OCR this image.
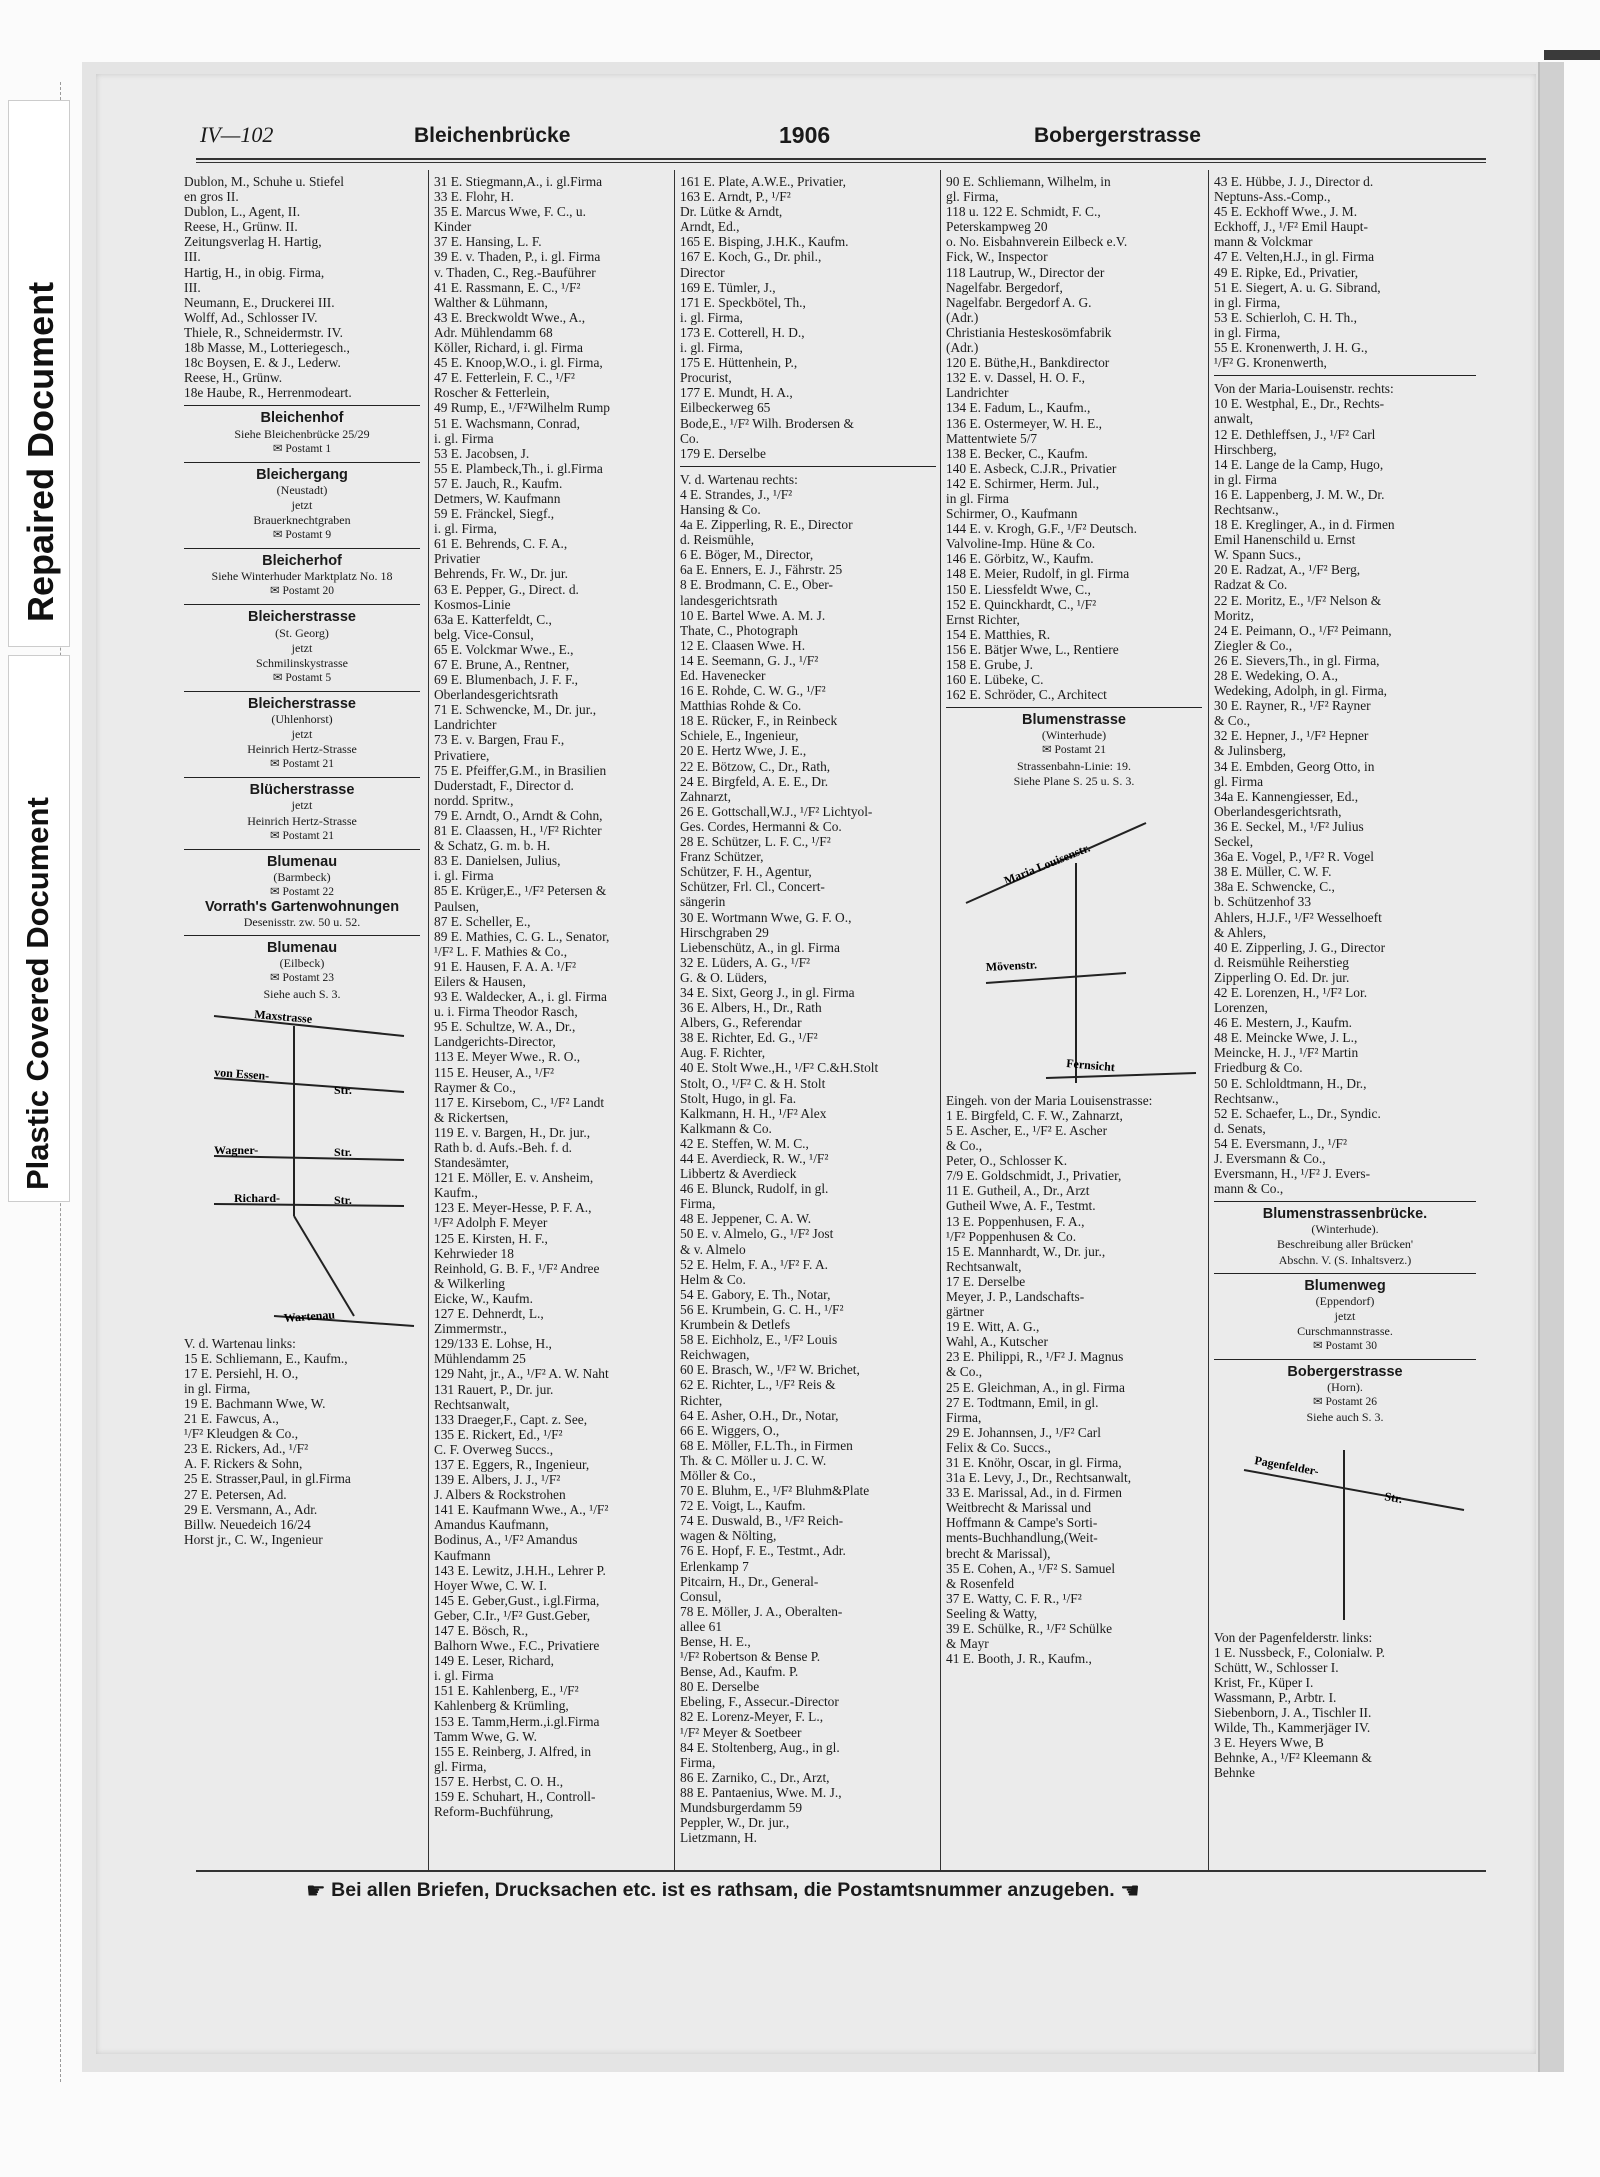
Repaired Document
Plastic Covered Document
IV—102	Bleichenbrücke	1906	Bobergerstrasse
Dublon, M., Schuhe u. Stiefel
en gros II.
Dublon, L., Agent, II.
Reese, H., Grünw. II.
Zeitungsverlag H. Hartig,
III.
Hartig, H., in obig. Firma,
III.
Neumann, E., Druckerei III.
Wolff, Ad., Schlosser IV.
Thiele, R., Schneidermstr. IV.
18b Masse, M., Lotteriegesch.,
18c Boysen, E. & J., Lederw.
Reese, H., Grünw.
18e Haube, R., Herrenmodeart.
Bleichenhof
Siehe Bleichenbrücke 25/29
✉ Postamt 1
Bleichergang
(Neustadt)
jetzt
Brauerknechtgraben
✉ Postamt 9
Bleicherhof
Siehe Winterhuder Marktplatz No. 18
✉ Postamt 20
Bleicherstrasse
(St. Georg)
jetzt
Schmilinskystrasse
✉ Postamt 5
Bleicherstrasse
(Uhlenhorst)
jetzt
Heinrich Hertz-Strasse
✉ Postamt 21
Blücherstrasse
jetzt
Heinrich Hertz-Strasse
✉ Postamt 21
Blumenau
(Barmbeck)
✉ Postamt 22
Vorrath's Gartenwohnungen
Desenisstr. zw. 50 u. 52.
Blumenau
(Eilbeck)
✉ Postamt 23
Siehe auch S. 3.
Maxstrasse
von Essen-
Str.
Wagner-	Str.
Richard-	Str.
Wartenau
V. d. Wartenau links:
15 E. Schliemann, E., Kaufm.,
17 E. Persiehl, H. O.,
in gl. Firma,
19 E. Bachmann Wwe, W.
21 E. Fawcus, A.,
¹/F² Kleudgen & Co.,
23 E. Rickers, Ad., ¹/F²
A. F. Rickers & Sohn,
25 E. Strasser,Paul, in gl.Firma
27 E. Petersen, Ad.
29 E. Versmann, A., Adr.
Billw. Neuedeich 16/24
Horst jr., C. W., Ingenieur
31 E. Stiegmann,A., i. gl.Firma
33 E. Flohr, H.
35 E. Marcus Wwe, F. C., u.
Kinder
37 E. Hansing, L. F.
39 E. v. Thaden, P., i. gl. Firma
v. Thaden, C., Reg.-Bauführer
41 E. Rassmann, E. C., ¹/F²
Walther & Lühmann,
43 E. Breckwoldt Wwe., A.,
Adr. Mühlendamm 68
Köller, Richard, i. gl. Firma
45 E. Knoop,W.O., i. gl. Firma,
47 E. Fetterlein, F. C., ¹/F²
Roscher & Fetterlein,
49 Rump, E., ¹/F²Wilhelm Rump
51 E. Wachsmann, Conrad,
i. gl. Firma
53 E. Jacobsen, J.
55 E. Plambeck,Th., i. gl.Firma
57 E. Jauch, R., Kaufm.
Detmers, W. Kaufmann
59 E. Fränckel, Siegf.,
i. gl. Firma,
61 E. Behrends, C. F. A.,
Privatier
Behrends, Fr. W., Dr. jur.
63 E. Pepper, G., Direct. d.
Kosmos-Linie
63a E. Katterfeldt, C.,
belg. Vice-Consul,
65 E. Volckmar Wwe., E.,
67 E. Brune, A., Rentner,
69 E. Blumenbach, J. F. F.,
Oberlandesgerichtsrath
71 E. Schwencke, M., Dr. jur.,
Landrichter
73 E. v. Bargen, Frau F.,
Privatiere,
75 E. Pfeiffer,G.M., in Brasilien
Duderstadt, F., Director d.
nordd. Spritw.,
79 E. Arndt, O., Arndt & Cohn,
81 E. Claassen, H., ¹/F² Richter
& Schatz, G. m. b. H.
83 E. Danielsen, Julius,
i. gl. Firma
85 E. Krüger,E., ¹/F² Petersen &
Paulsen,
87 E. Scheller, E.,
89 E. Mathies, C. G. L., Senator,
¹/F² L. F. Mathies & Co.,
91 E. Hausen, F. A. A. ¹/F²
Eilers & Hausen,
93 E. Waldecker, A., i. gl. Firma
u. i. Firma Theodor Rasch,
95 E. Schultze, W. A., Dr.,
Landgerichts-Director,
113 E. Meyer Wwe., R. O.,
115 E. Heuser, A., ¹/F²
Raymer & Co.,
117 E. Kirsebom, C., ¹/F² Landt
& Rickertsen,
119 E. v. Bargen, H., Dr. jur.,
Rath b. d. Aufs.-Beh. f. d.
Standesämter,
121 E. Möller, E. v. Ansheim,
Kaufm.,
123 E. Meyer-Hesse, P. F. A.,
¹/F² Adolph F. Meyer
125 E. Kirsten, H. F.,
Kehrwieder 18
Reinhold, G. B. F., ¹/F² Andree
& Wilkerling
Eicke, W., Kaufm.
127 E. Dehnerdt, L.,
Zimmermstr.,
129/133 E. Lohse, H.,
Mühlendamm 25
129 Naht, jr., A., ¹/F² A. W. Naht
131 Rauert, P., Dr. jur.
Rechtsanwalt,
133 Draeger,F., Capt. z. See,
135 E. Rickert, Ed., ¹/F²
C. F. Overweg Succs.,
137 E. Eggers, R., Ingenieur,
139 E. Albers, J. J., ¹/F²
J. Albers & Rockstrohen
141 E. Kaufmann Wwe., A., ¹/F²
Amandus Kaufmann,
Bodinus, A., ¹/F² Amandus
Kaufmann
143 E. Lewitz, J.H.H., Lehrer P.
Hoyer Wwe, C. W. I.
145 E. Geber,Gust., i.gl.Firma,
Geber, C.Ir., ¹/F² Gust.Geber,
147 E. Bösch, R.,
Balhorn Wwe., F.C., Privatiere
149 E. Leser, Richard,
i. gl. Firma
151 E. Kahlenberg, E., ¹/F²
Kahlenberg & Krümling,
153 E. Tamm,Herm.,i.gl.Firma
Tamm Wwe, G. W.
155 E. Reinberg, J. Alfred, in
gl. Firma,
157 E. Herbst, C. O. H.,
159 E. Schuhart, H., Controll-
Reform-Buchführung,
161 E. Plate, A.W.E., Privatier,
163 E. Arndt, P., ¹/F²
Dr. Lütke & Arndt,
Arndt, Ed.,
165 E. Bisping, J.H.K., Kaufm.
167 E. Koch, G., Dr. phil.,
Director
169 E. Tümler, J.,
171 E. Speckbötel, Th.,
i. gl. Firma,
173 E. Cotterell, H. D.,
i. gl. Firma,
175 E. Hüttenhein, P.,
Procurist,
177 E. Mundt, H. A.,
Eilbeckerweg 65
Bode,E., ¹/F² Wilh. Brodersen &
Co.
179 E. Derselbe
V. d. Wartenau rechts:
4 E. Strandes, J., ¹/F²
Hansing & Co.
4a E. Zipperling, R. E., Director
d. Reismühle,
6 E. Böger, M., Director,
6a E. Enners, E. J., Fährstr. 25
8 E. Brodmann, C. E., Ober-
landesgerichtsrath
10 E. Bartel Wwe. A. M. J.
Thate, C., Photograph
12 E. Claasen Wwe. H.
14 E. Seemann, G. J., ¹/F²
Ed. Havenecker
16 E. Rohde, C. W. G., ¹/F²
Matthias Rohde & Co.
18 E. Rücker, F., in Reinbeck
Schiele, E., Ingenieur,
20 E. Hertz Wwe, J. E.,
22 E. Bötzow, C., Dr., Rath,
24 E. Birgfeld, A. E. E., Dr.
Zahnarzt,
26 E. Gottschall,W.J., ¹/F² Lichtyol-
Ges. Cordes, Hermanni & Co.
28 E. Schützer, L. F. C., ¹/F²
Franz Schützer,
Schützer, F. H., Agentur,
Schützer, Frl. Cl., Concert-
sängerin
30 E. Wortmann Wwe, G. F. O.,
Hirschgraben 29
Liebenschütz, A., in gl. Firma
32 E. Lüders, A. G., ¹/F²
G. & O. Lüders,
34 E. Sixt, Georg J., in gl. Firma
36 E. Albers, H., Dr., Rath
Albers, G., Referendar
38 E. Richter, Ed. G., ¹/F²
Aug. F. Richter,
40 E. Stolt Wwe.,H., ¹/F² C.&H.Stolt
Stolt, O., ¹/F² C. & H. Stolt
Stolt, Hugo, in gl. Fa.
Kalkmann, H. H., ¹/F² Alex
Kalkmann & Co.
42 E. Steffen, W. M. C.,
44 E. Averdieck, R. W., ¹/F²
Libbertz & Averdieck
46 E. Blunck, Rudolf, in gl.
Firma,
48 E. Jeppener, C. A. W.
50 E. v. Almelo, G., ¹/F² Jost
& v. Almelo
52 E. Helm, F. A., ¹/F² F. A.
Helm & Co.
54 E. Gabory, E. Th., Notar,
56 E. Krumbein, G. C. H., ¹/F²
Krumbein & Detlefs
58 E. Eichholz, E., ¹/F² Louis
Reichwagen,
60 E. Brasch, W., ¹/F² W. Brichet,
62 E. Richter, L., ¹/F² Reis &
Richter,
64 E. Asher, O.H., Dr., Notar,
66 E. Wiggers, O.,
68 E. Möller, F.L.Th., in Firmen
Th. & C. Möller u. J. C. W.
Möller & Co.,
70 E. Bluhm, E., ¹/F² Bluhm&Plate
72 E. Voigt, L., Kaufm.
74 E. Duswald, B., ¹/F² Reich-
wagen & Nölting,
76 E. Hopf, F. E., Testmt., Adr.
Erlenkamp 7
Pitcairn, H., Dr., General-
Consul,
78 E. Möller, J. A., Oberalten-
allee 61
Bense, H. E.,
¹/F² Robertson & Bense P.
Bense, Ad., Kaufm. P.
80 E. Derselbe
Ebeling, F., Assecur.-Director
82 E. Lorenz-Meyer, F. L.,
¹/F² Meyer & Soetbeer
84 E. Stoltenberg, Aug., in gl.
Firma,
86 E. Zarniko, C., Dr., Arzt,
88 E. Pantaenius, Wwe. M. J.,
Mundsburgerdamm 59
Peppler, W., Dr. jur.,
Lietzmann, H.
90 E. Schliemann, Wilhelm, in
gl. Firma,
118 u. 122 E. Schmidt, F. C.,
Peterskampweg 20
o. No. Eisbahnverein Eilbeck e.V.
Fick, W., Inspector
118 Lautrup, W., Director der
Nagelfabr. Bergedorf,
Nagelfabr. Bergedorf A. G.
(Adr.)
Christiania Hesteskosömfabrik
(Adr.)
120 E. Büthe,H., Bankdirector
132 E. v. Dassel, H. O. F.,
Landrichter
134 E. Fadum, L., Kaufm.,
136 E. Ostermeyer, W. H. E.,
Mattentwiete 5/7
138 E. Becker, C., Kaufm.
140 E. Asbeck, C.J.R., Privatier
142 E. Schirmer, Herm. Jul.,
in gl. Firma
Schirmer, O., Kaufmann
144 E. v. Krogh, G.F., ¹/F² Deutsch.
Valvoline-Imp. Hüne & Co.
146 E. Görbitz, W., Kaufm.
148 E. Meier, Rudolf, in gl. Firma
150 E. Liessfeldt Wwe, C.,
152 E. Quinckhardt, C., ¹/F²
Ernst Richter,
154 E. Matthies, R.
156 E. Bätjer Wwe, L., Rentiere
158 E. Grube, J.
160 E. Lübeke, C.
162 E. Schröder, C., Architect
Blumenstrasse
(Winterhude)
✉ Postamt 21
Strassenbahn-Linie: 19.
Siehe Plane S. 25 u. S. 3.
Maria Louisenstr.
Mövenstr.
Fernsicht
Eingeh. von der Maria Louisenstrasse:
1 E. Birgfeld, C. F. W., Zahnarzt,
5 E. Ascher, E., ¹/F² E. Ascher
& Co.,
Peter, O., Schlosser K.
7/9 E. Goldschmidt, J., Privatier,
11 E. Gutheil, A., Dr., Arzt
Gutheil Wwe, A. F., Testmt.
13 E. Poppenhusen, F. A.,
¹/F² Poppenhusen & Co.
15 E. Mannhardt, W., Dr. jur.,
Rechtsanwalt,
17 E. Derselbe
Meyer, J. P., Landschafts-
gärtner
19 E. Witt, A. G.,
Wahl, A., Kutscher
23 E. Philippi, R., ¹/F² J. Magnus
& Co.,
25 E. Gleichman, A., in gl. Firma
27 E. Todtmann, Emil, in gl.
Firma,
29 E. Johannsen, J., ¹/F² Carl
Felix & Co. Succs.,
31 E. Knöhr, Oscar, in gl. Firma,
31a E. Levy, J., Dr., Rechtsanwalt,
33 E. Marissal, Ad., in d. Firmen
Weitbrecht & Marissal und
Hoffmann & Campe's Sorti-
ments-Buchhandlung,(Weit-
brecht & Marissal),
35 E. Cohen, A., ¹/F² S. Samuel
& Rosenfeld
37 E. Watty, C. F. R., ¹/F²
Seeling & Watty,
39 E. Schülke, R., ¹/F² Schülke
& Mayr
41 E. Booth, J. R., Kaufm.,
43 E. Hübbe, J. J., Director d.
Neptuns-Ass.-Comp.,
45 E. Eckhoff Wwe., J. M.
Eckhoff, J., ¹/F² Emil Haupt-
mann & Volckmar
47 E. Velten,H.J., in gl. Firma
49 E. Ripke, Ed., Privatier,
51 E. Siegert, A. u. G. Sibrand,
in gl. Firma,
53 E. Schierloh, C. H. Th.,
in gl. Firma,
55 E. Kronenwerth, J. H. G.,
¹/F² G. Kronenwerth,
Von der Maria-Louisenstr. rechts:
10 E. Westphal, E., Dr., Rechts-
anwalt,
12 E. Dethleffsen, J., ¹/F² Carl
Hirschberg,
14 E. Lange de la Camp, Hugo,
in gl. Firma
16 E. Lappenberg, J. M. W., Dr.
Rechtsanw.,
18 E. Kreglinger, A., in d. Firmen
Emil Hanenschild u. Ernst
W. Spann Sucs.,
20 E. Radzat, A., ¹/F² Berg,
Radzat & Co.
22 E. Moritz, E., ¹/F² Nelson &
Moritz,
24 E. Peimann, O., ¹/F² Peimann,
Ziegler & Co.,
26 E. Sievers,Th., in gl. Firma,
28 E. Wedeking, O. A.,
Wedeking, Adolph, in gl. Firma,
30 E. Rayner, R., ¹/F² Rayner
& Co.,
32 E. Hepner, J., ¹/F² Hepner
& Julinsberg,
34 E. Embden, Georg Otto, in
gl. Firma
34a E. Kannengiesser, Ed.,
Oberlandesgerichtsrath,
36 E. Seckel, M., ¹/F² Julius
Seckel,
36a E. Vogel, P., ¹/F² R. Vogel
38 E. Müller, C. W. F.
38a E. Schwencke, C.,
b. Schützenhof 33
Ahlers, H.J.F., ¹/F² Wesselhoeft
& Ahlers,
40 E. Zipperling, J. G., Director
d. Reismühle Reiherstieg
Zipperling O. Ed. Dr. jur.
42 E. Lorenzen, H., ¹/F² Lor.
Lorenzen,
46 E. Mestern, J., Kaufm.
48 E. Meincke Wwe, J. L.,
Meincke, H. J., ¹/F² Martin
Friedburg & Co.
50 E. Schloldtmann, H., Dr.,
Rechtsanw.,
52 E. Schaefer, L., Dr., Syndic.
d. Senats,
54 E. Eversmann, J., ¹/F²
J. Eversmann & Co.,
Eversmann, H., ¹/F² J. Evers-
mann & Co.,
Blumenstrassenbrücke.
(Winterhude).
Beschreibung aller Brücken'
Abschn. V. (S. Inhaltsverz.)
Blumenweg
(Eppendorf)
jetzt
Curschmannstrasse.
✉ Postamt 30
Bobergerstrasse
(Horn).
✉ Postamt 26
Siehe auch S. 3.
Pagenfelder-
Str.
Von der Pagenfelderstr. links:
1 E. Nussbeck, F., Colonialw. P.
Schütt, W., Schlosser I.
Krist, Fr., Küper I.
Wassmann, P., Arbtr. I.
Siebenborn, J. A., Tischler II.
Wilde, Th., Kammerjäger IV.
3 E. Heyers Wwe, B
Behnke, A., ¹/F² Kleemann &
Behnke
☛ Bei allen Briefen, Drucksachen etc. ist es rathsam, die Postamtsnummer anzugeben. ☚
